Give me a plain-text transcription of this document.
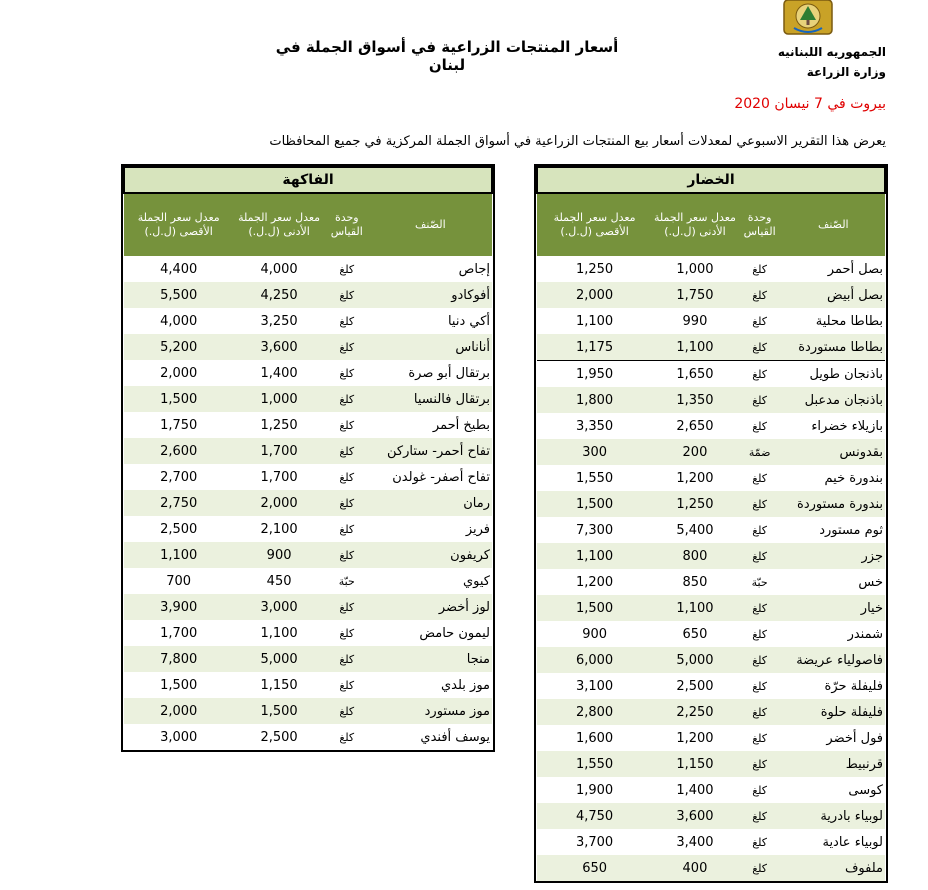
الجمهوريه اللبنانيه
وزارة الزراعة
أسعار المنتجات الزراعية في أسواق الجملة في لبنان
بيروت في 7 نيسان 2020
يعرض هذا التقرير الاسبوعي لمعدلات أسعار بيع المنتجات الزراعية في أسواق الجملة المركزية في جميع المحافظات
الخضار			
الصّنف	وحدة القياس	معدل سعر الجملة الأدنى (ل.ل.)	معدل سعر الجملة الأقصى (ل.ل.)
بصل أحمر	كلغ	1,000	1,250
بصل أبيض	كلغ	1,750	2,000
بطاطا محلية	كلغ	990	1,100
بطاطا مستوردة	كلغ	1,100	1,175
باذنجان طويل	كلغ	1,650	1,950
باذنجان مدعبل	كلغ	1,350	1,800
بازيلاء خضراء	كلغ	2,650	3,350
بقدونس	ضمّة	200	300
بندورة خيم	كلغ	1,200	1,550
بندورة مستوردة	كلغ	1,250	1,500
ثوم مستورد	كلغ	5,400	7,300
جزر	كلغ	800	1,100
خس	حبّة	850	1,200
خيار	كلغ	1,100	1,500
شمندر	كلغ	650	900
فاصولياء عريضة	كلغ	5,000	6,000
فليفلة حرّة	كلغ	2,500	3,100
فليفلة حلوة	كلغ	2,250	2,800
فول أخضر	كلغ	1,200	1,600
قرنبيط	كلغ	1,150	1,550
كوسى	كلغ	1,400	1,900
لوبياء بادرية	كلغ	3,600	4,750
لوبياء عادية	كلغ	3,400	3,700
ملفوف	كلغ	400	650
الفاكهة			
الصّنف	وحدة القياس	معدل سعر الجملة الأدنى (ل.ل.)	معدل سعر الجملة الأقصى (ل.ل.)
إجاص	كلغ	4,000	4,400
أفوكادو	كلغ	4,250	5,500
أكي دنيا	كلغ	3,250	4,000
أناناس	كلغ	3,600	5,200
برتقال أبو صرة	كلغ	1,400	2,000
برتقال فالنسيا	كلغ	1,000	1,500
بطيخ أحمر	كلغ	1,250	1,750
تفاح أحمر- ستاركن	كلغ	1,700	2,600
تفاح أصفر- غولدن	كلغ	1,700	2,700
رمان	كلغ	2,000	2,750
فريز	كلغ	2,100	2,500
كريفون	كلغ	900	1,100
كيوي	حبّة	450	700
لوز أخضر	كلغ	3,000	3,900
ليمون حامض	كلغ	1,100	1,700
منجا	كلغ	5,000	7,800
موز بلدي	كلغ	1,150	1,500
موز مستورد	كلغ	1,500	2,000
يوسف أفندي	كلغ	2,500	3,000
